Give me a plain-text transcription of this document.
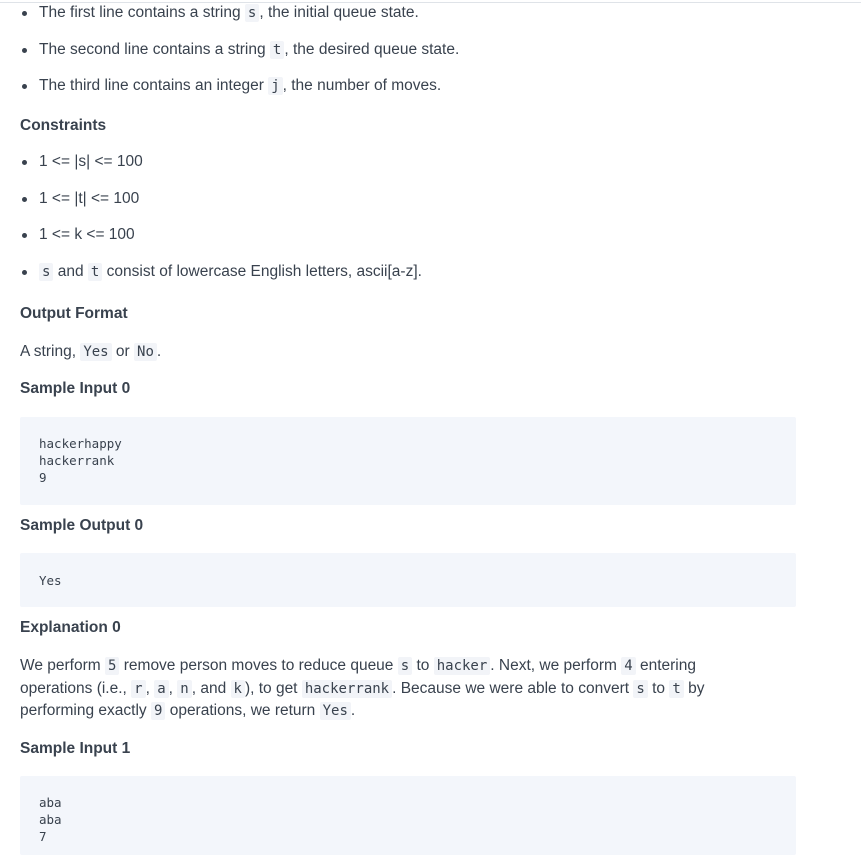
The first line contains a string s , the initial queue state.
The second line contains a string t , the desired queue state.
The third line contains an integer j , the number of moves.
Constraints
1 <= |s| <= 100
1 <= |t| <= 100
1 <= k <= 100
s and t consist of lowercase English letters, ascii[a-z].
Output Format

A string, Yes or No .

Sample Input 0
hackerhappy
hackerrank
9
Sample Output 0
Yes
Explanation 0

We perform 5 remove person moves to reduce queue s to hacker . Next, we perform 4 entering operations (i.e., r , a , n , and k ), to get hackerrank . Because we were able to convert s to t by performing exactly 9 operations, we return Yes .

Sample Input 1
aba
aba
7
